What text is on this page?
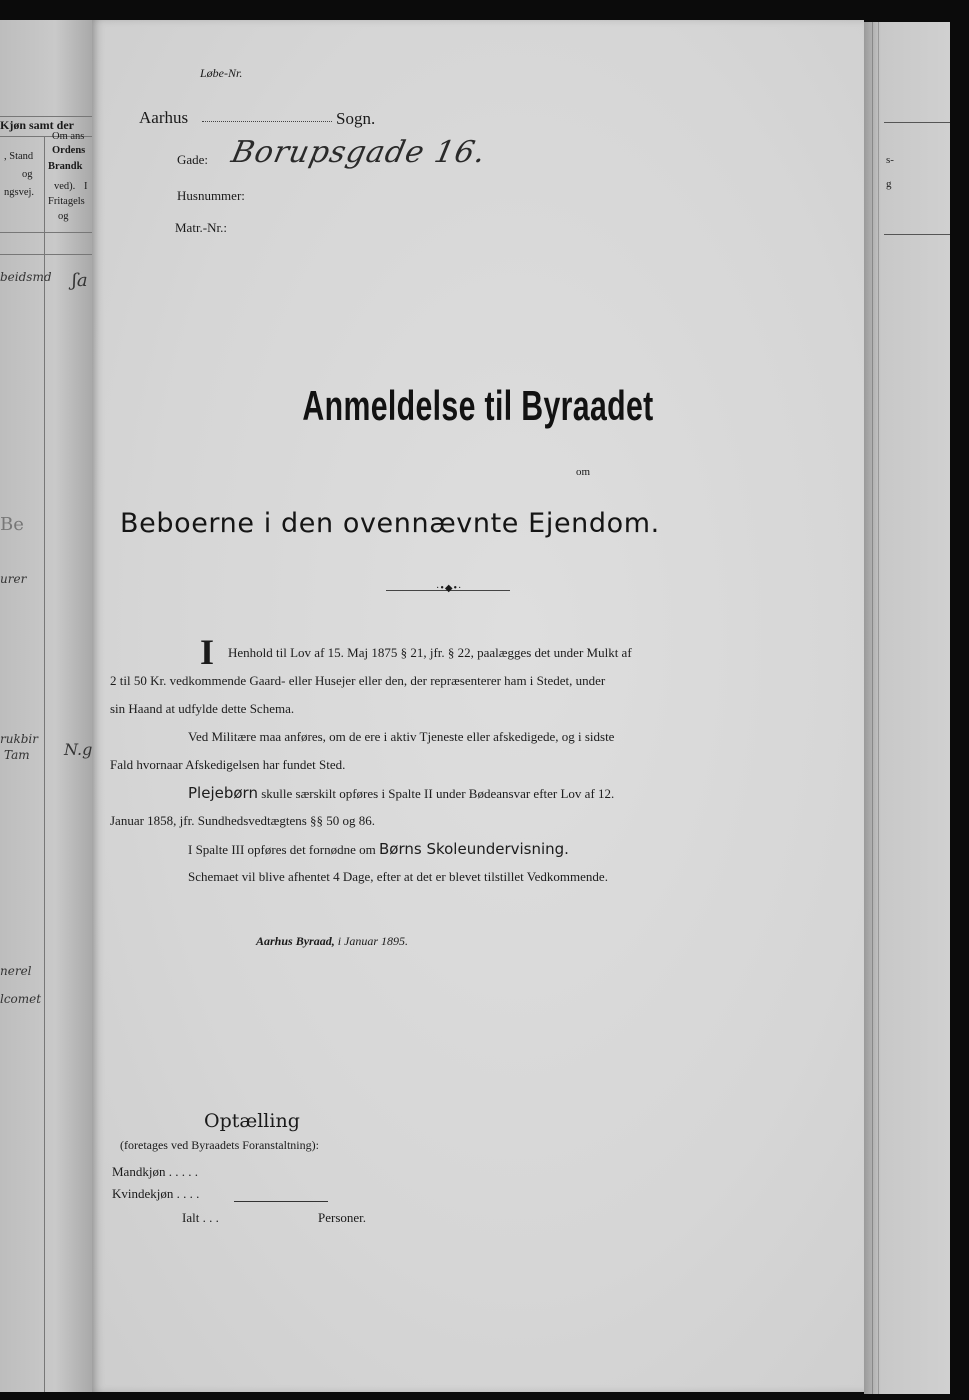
Kjøn samt der
, Stand
og
ngsvej.
Om ans
Ordens
Brandk
ved). I
Fritagels
og
beidsmd ʃa
Be
urer
rukbir
Tam N.g
nerel
lcomet
s-
g
Løbe-Nr.
Aarhus	Sogn.
Gade: Borupsgade 16.
Husnummer:
Matr.-Nr.:
Anmeldelse til Byraadet
om
Beboerne i den ovennævnte Ejendom.
·•◆•·
I Henhold til Lov af 15. Maj 1875 § 21, jfr. § 22, paalægges det under Mulkt af
2 til 50 Kr. vedkommende Gaard- eller Husejer eller den, der repræsenterer ham i Stedet, under
sin Haand at udfylde dette Schema.
Ved Militære maa anføres, om de ere i aktiv Tjeneste eller afskedigede, og i sidste
Fald hvornaar Afskedigelsen har fundet Sted.
Plejebørn skulle særskilt opføres i Spalte II under Bødeansvar efter Lov af 12.
Januar 1858, jfr. Sundhedsvedtægtens §§ 50 og 86.
I Spalte III opføres det fornødne om Børns Skoleundervisning.
Schemaet vil blive afhentet 4 Dage, efter at det er blevet tilstillet Vedkommende.
Aarhus Byraad, i Januar 1895.
Optælling
(foretages ved Byraadets Foranstaltning):
Mandkjøn . . . . .
Kvindekjøn . . . .
Ialt . . .	Personer.
